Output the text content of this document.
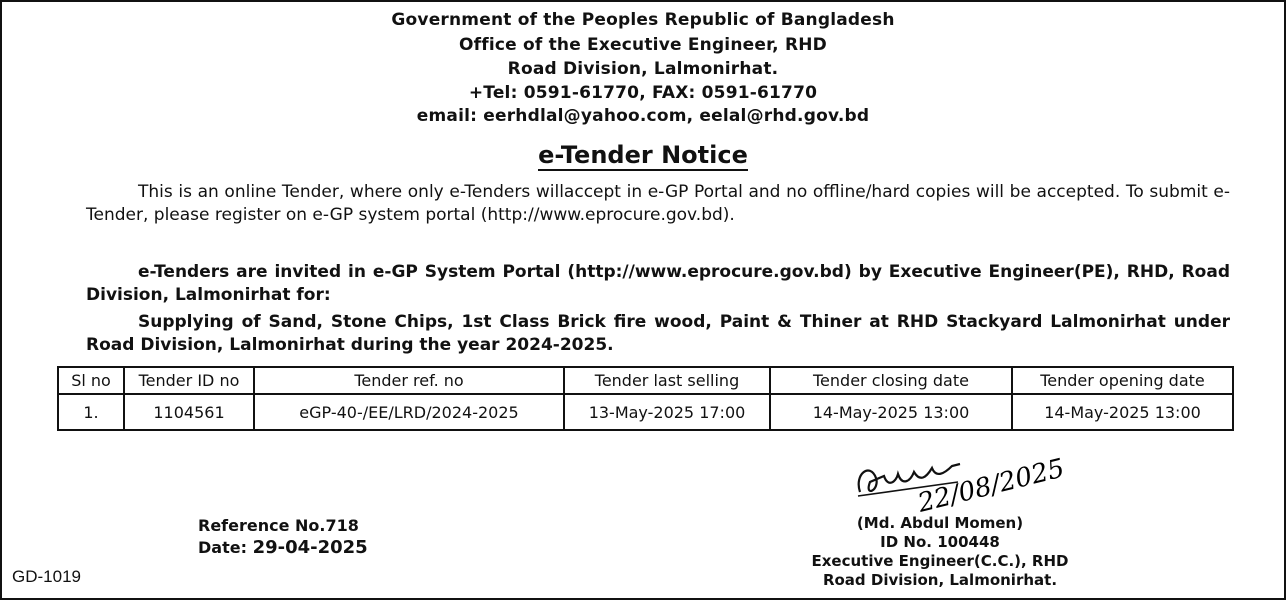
Government of the Peoples Republic of Bangladesh
Office of the Executive Engineer, RHD
Road Division, Lalmonirhat.
+Tel: 0591-61770, FAX: 0591-61770
email: eerhdlal@yahoo.com, eelal@rhd.gov.bd
e-Tender Notice
This is an online Tender, where only e-Tenders willaccept in e-GP Portal and no offline/hard copies will be accepted. To submit e-Tender, please register on e-GP system portal (http://www.eprocure.gov.bd).
e-Tenders are invited in e-GP System Portal (http://www.eprocure.gov.bd) by Executive Engineer(PE), RHD, Road Division, Lalmonirhat for:
Supplying of Sand, Stone Chips, 1st Class Brick fire wood, Paint & Thiner at RHD Stackyard Lalmonirhat under Road Division, Lalmonirhat during the year 2024-2025.
Sl no	Tender ID no	Tender ref. no	Tender last selling	Tender closing date	Tender opening date
1.	1104561	eGP-40-/EE/LRD/2024-2025	13-May-2025 17:00	14-May-2025 13:00	14-May-2025 13:00
Reference No.718
Date: 29-04-2025
22/08/2025
(Md. Abdul Momen)
ID No. 100448
Executive Engineer(C.C.), RHD
Road Division, Lalmonirhat.
GD-1019
